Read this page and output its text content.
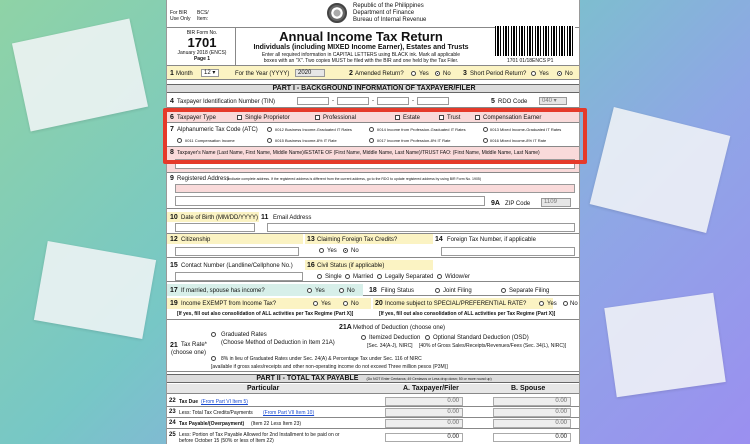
For BIR
Use Only
BCS/
Item:
Republic of the Philippines
Department of Finance
Bureau of Internal Revenue
BIR Form No.
1701
January 2018 (ENCS)
Page 1
Annual Income Tax Return
Individuals (including MIXED Income Earner), Estates and Trusts
Enter all required information in CAPITAL LETTERS using BLACK ink. Mark all applicable
boxes with an "X". Two copies MUST be filed with the BIR and one held by the Tax Filer.	1701 01/18ENCS P1
1 Month	12 ▾	For the Year (YYYY)	2020	2 Amended Return?	Yes No 3 Short Period Return? Yes	No
PART I - BACKGROUND INFORMATION OF TAXPAYER/FILER
4 Taxpayer Identification Number (TIN)	-	-	-	5 RDO Code	040 ▾
6 Taxpayer Type	Single Proprietor	Professional	Estate	Trust	Compensation Earner
7 Alphanumeric Tax Code (ATC)	II012 Business Income-Graduated IT Rates	II014 Income from Profession-Graduated IT Rates	II013 Mixed Income-Graduated IT Rates
II011 Compensation Income	II015 Business Income-8% IT Rate	II017 Income from Profession-8% IT Rate	II016 Mixed Income-8% IT Rate
8 Taxpayer's Name (Last Name, First Name, Middle Name)/ESTATE OF (First Name, Middle Name, Last Name)/TRUST FAO: (First Name, Middle Name, Last Name)
9 Registered Address
(Indicate complete address. If the registered address is different from the current address, go to the RDO to update registered address by using BIR Form No. 1905)
9A ZIP Code	1109
10 Date of Birth (MM/DD/YYYY) 11 Email Address
12 Citizenship	13 Claiming Foreign Tax Credits?
Yes No
14 Foreign Tax Number, if applicable
15 Contact Number (Landline/Cellphone No.) 16 Civil Status (if applicable)
Single Married Legally Separated Widow/er
17 If married, spouse has income?	Yes	No 18 Filing Status	Joint Filing	Separate Filing
19 Income EXEMPT from Income Tax?	Yes	No
[If yes, fill out also consolidation of ALL activities per Tax Regime (Part X)]
20 Income subject to SPECIAL/PREFERENTIAL RATE?	Yes No
[If yes, fill out also consolidation of ALL activities per Tax Regime (Part X)]
21 Tax Rate*
(choose one)
Graduated Rates
(Choose Method of Deduction in Item 21A)
21A Method of Deduction (choose one)
Itemized Deduction
[Sec. 34(A-J), NIRC]
Optional Standard Deduction (OSD)
[40% of Gross Sales/Receipts/Revenues/Fees (Sec. 34(L), NIRC)]
8% in lieu of Graduated Rates under Sec. 24(A) & Percentage Tax under Sec. 116 of NIRC
[available if gross sales/receipts and other non-operating income do not exceed Three million pesos (P3M)]
PART II - TOTAL TAX PAYABLE (Do NOT Enter Centavos; 49 Centavos or Less drop down; 50 or more round up)
Particular	A. Taxpayer/Filer	B. Spouse
22 Tax Due (From Part VI Item 5)	0.00	0.00
23 Less: Total Tax Credits/Payments (From Part VII Item 10)	0.00	0.00
24 Tax Payable/(Overpayment) (Item 22 Less Item 23)	0.00	0.00
25 Less: Portion of Tax Payable Allowed for 2nd Installment to be paid on or
before October 15 (50% or less of Item 22)
0.00	0.00
